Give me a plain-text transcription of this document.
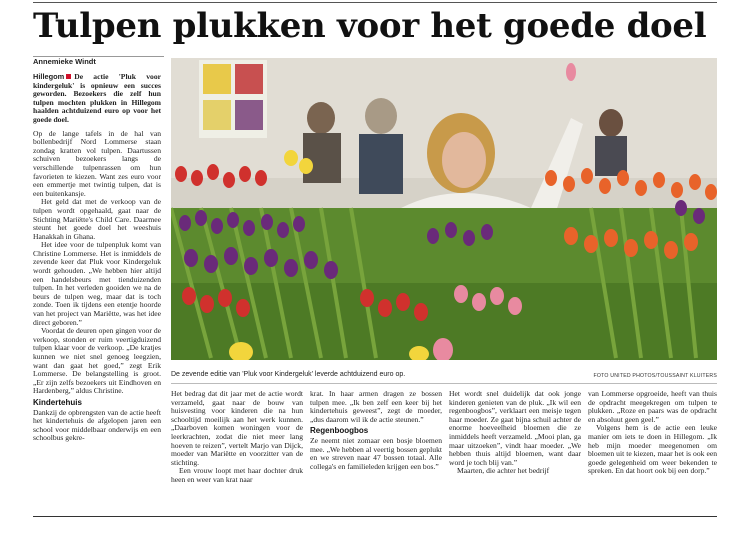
Tulpen plukken voor het goede doel
Annemieke Windt

Hillegom De actie 'Pluk voor kindergeluk' is opnieuw een succes geworden. Bezoekers die zelf hun tulpen mochten plukken in Hillegom haalden achtduizend euro op voor het goede doel.

Op de lange tafels in de hal van bollenbedrijf Nord Lommerse staan zondag kratten vol tulpen. Daartussen schuiven bezoekers langs de verschillende tulpenrassen om hun favorieten te kiezen. Want zes euro voor een emmertje met twintig tulpen, dat is een buitenkansje.

Het geld dat met de verkoop van de tulpen wordt opgehaald, gaat naar de Stichting Mariëtte's Child Care. Daarmee steunt het goede doel het weeshuis Hanakkah in Ghana.

Het idee voor de tulpenpluk komt van Christine Lommerse. Het is inmiddels de zevende keer dat Pluk voor Kindergeluk wordt gehouden. „We hebben hier altijd een handelsbeurs met tienduizenden tulpen. In het verleden gooiden we na de beurs de tulpen weg, maar dat is toch zonde. Toen ik tijdens een etentje hoorde van het project van Mariëtte, was het idee direct geboren.”

Voordat de deuren open gingen voor de verkoop, stonden er ruim veertigduizend tulpen klaar voor de verkoop. „De kratjes kunnen we niet snel genoeg leegzien, want dan gaat het goed,” zegt Erik Lommerse. De belangstelling is groot. „Er zijn zelfs bezoekers uit Eindhoven en Hardenberg,” aldus Christine.

Kindertehuis

Dankzij de opbrengsten van de actie heeft het kindertehuis de afgelopen jaren een school voor middelbaar onderwijs en een schoolbus gekre-

De zevende editie van 'Pluk voor Kindergeluk' leverde achtduizend euro op.	FOTO UNITED PHOTOS/TOUSSAINT KLUITERS

Het bedrag dat dit jaar met de actie wordt verzameld, gaat naar de bouw van huisvesting voor kinderen die na hun schooltijd moeilijk aan het werk kunnen. „Daarboven komen woningen voor de leerkrachten, zodat die niet meer lang hoeven te reizen”, vertelt Marjo van Dijck, moeder van Mariëtte en voorzitter van de stichting.

Een vrouw loopt met haar dochter druk heen en weer van krat naar

krat. In haar armen dragen ze bossen tulpen mee. „Ik ben zelf een keer bij het kindertehuis geweest”, zegt de moeder, „dus daarom wil ik de actie steunen.”

Regenboogbos

Ze neemt niet zomaar een bosje bloemen mee. „We hebben al veertig bossen geplukt en we streven naar 47 bossen totaal. Alle collega's en familieleden krijgen een bos.”

Het wordt snel duidelijk dat ook jonge kinderen genieten van de pluk. „Ik wil een regenboogbos”, verklaart een meisje tegen haar moeder. Ze gaat bijna schuil achter de enorme hoeveelheid bloemen die ze inmiddels heeft verzameld. „Mooi plan, ga maar uitzoeken”, vindt haar moeder. „We hebben thuis altijd bloemen, want daar word je toch blij van.”

Maarten, die achter het bedrijf

van Lommerse opgroeide, heeft van thuis de opdracht meegekregen om tulpen te plukken. „Roze en paars was de opdracht en absoluut geen geel.”

Volgens hem is de actie een leuke manier om iets te doen in Hillegom. „Ik heb mijn moeder meegenomen om bloemen uit te kiezen, maar het is ook een goede gelegenheid om weer bekenden te spreken. En dat hoort ook bij een dorp.”
